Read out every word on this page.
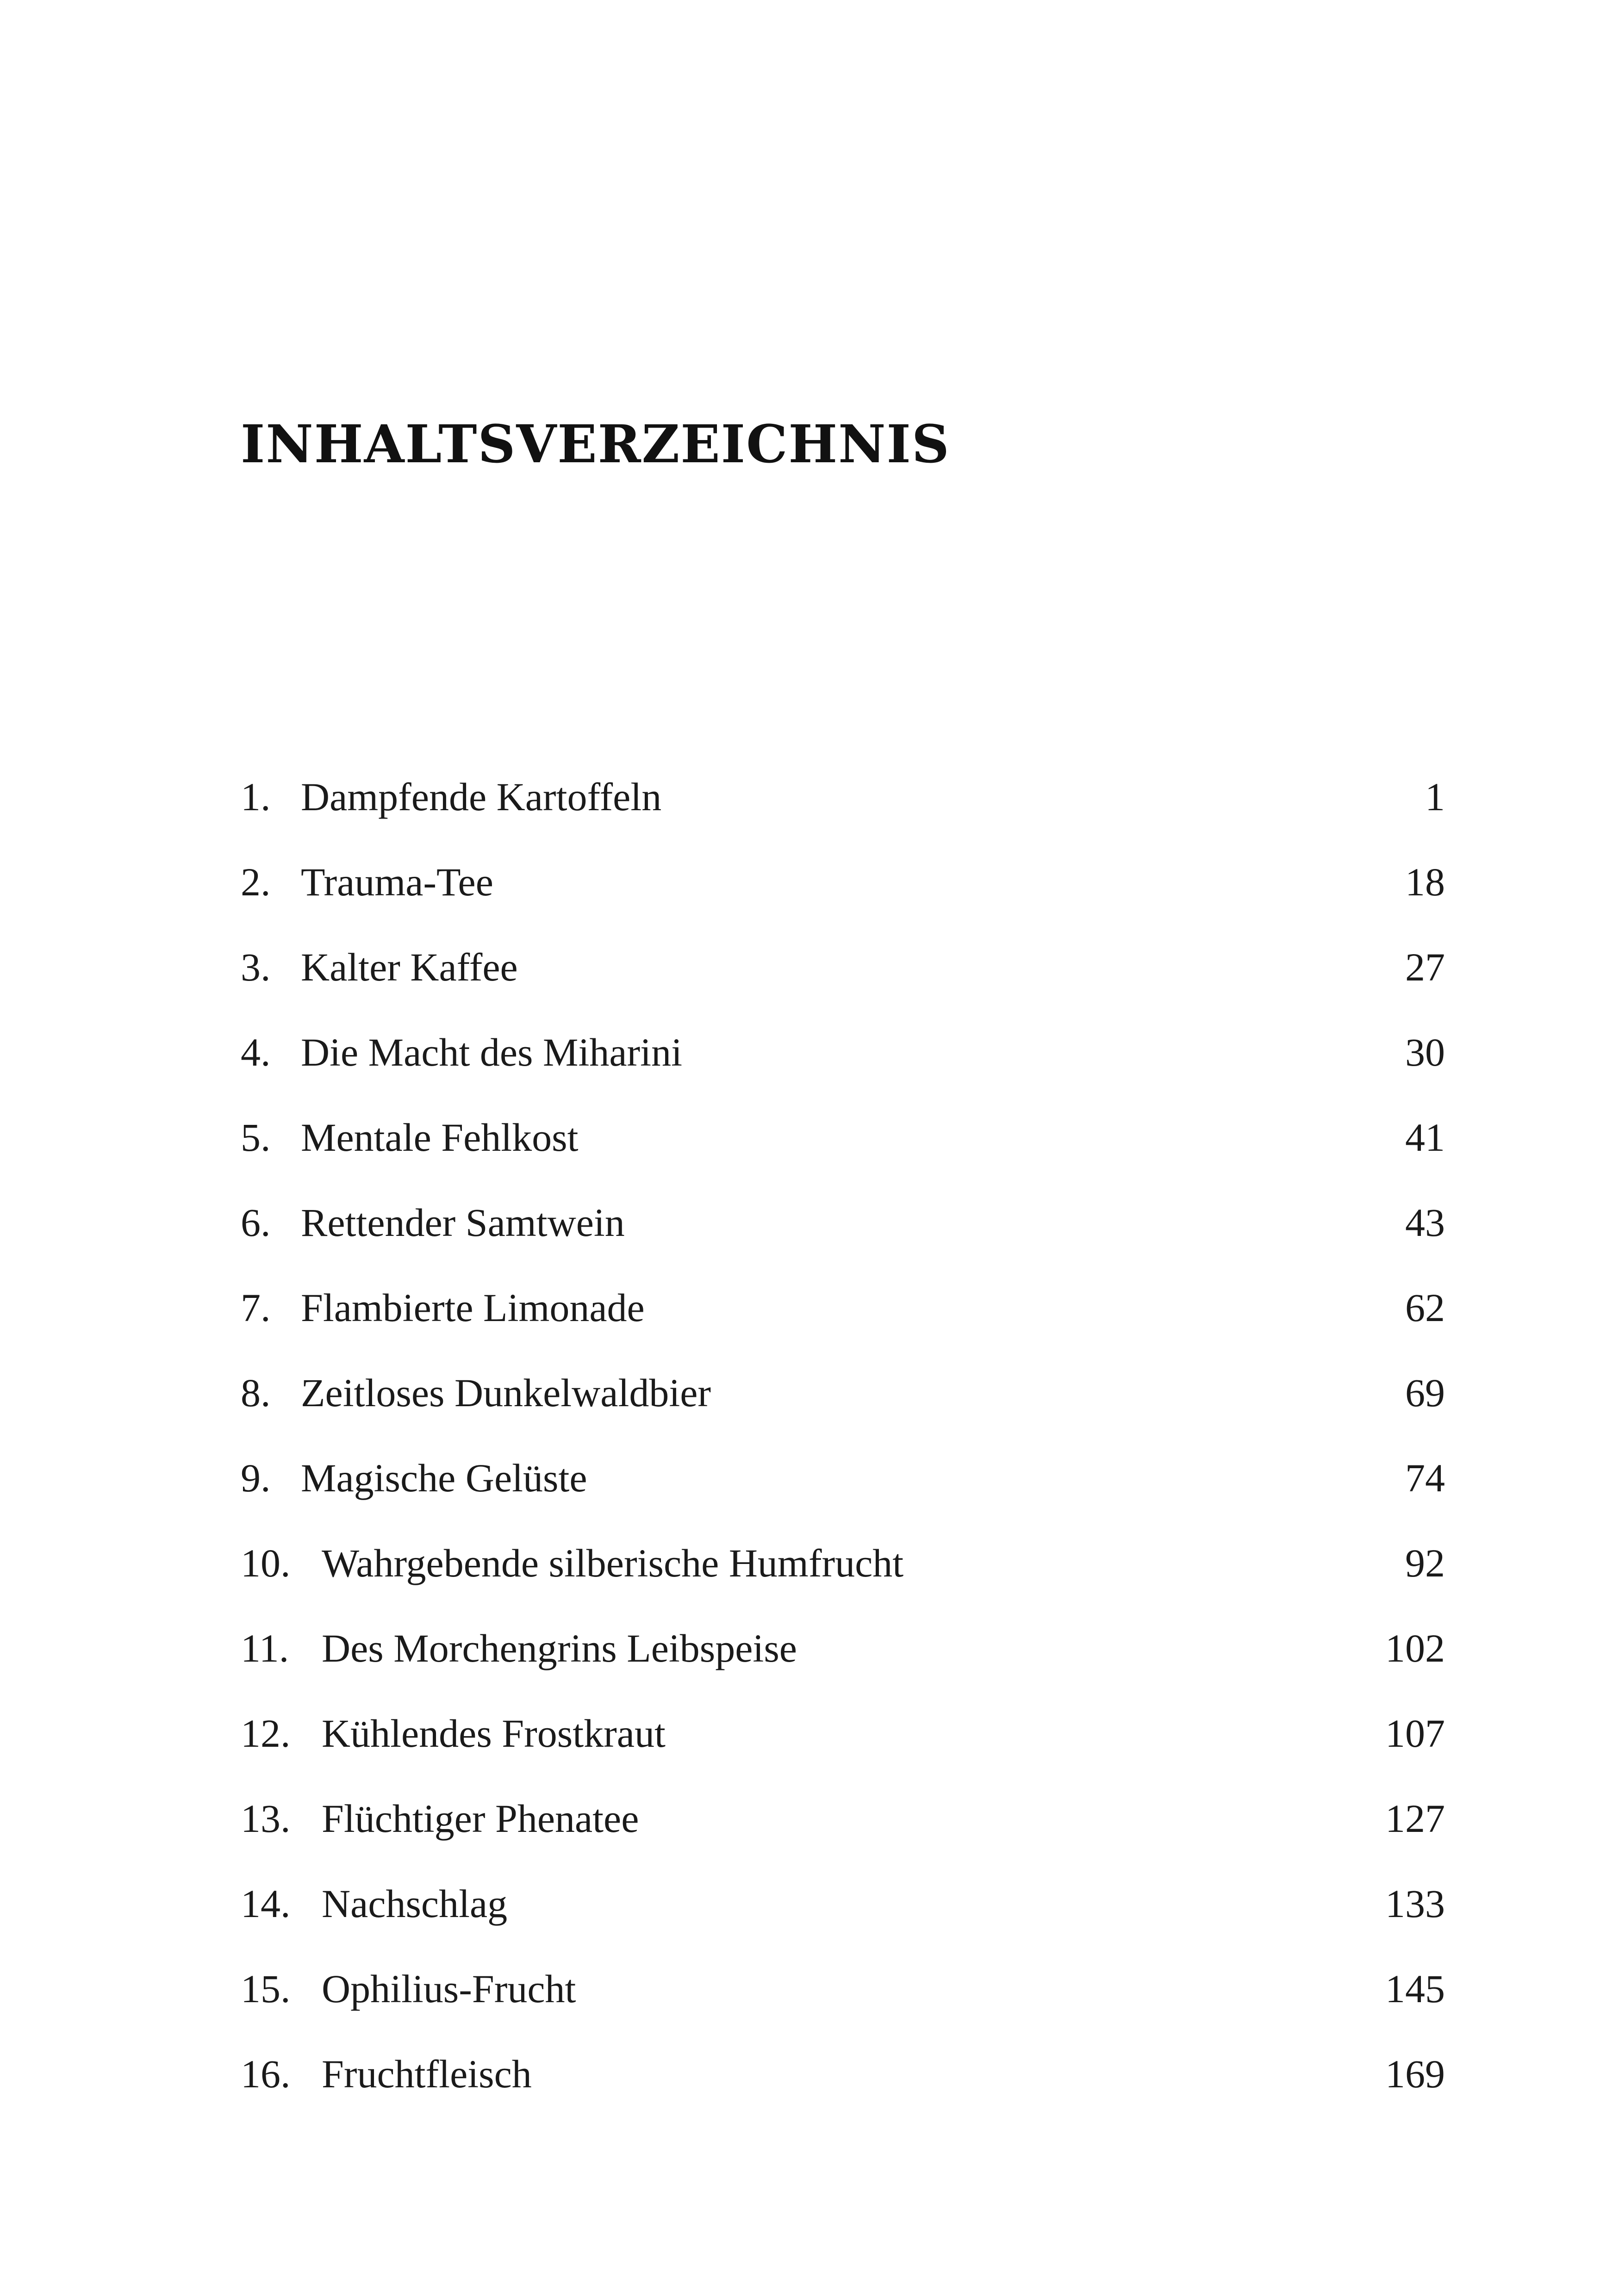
INHALTSVERZEICHNIS
1. Dampfende Kartoffeln	1
2. Trauma-Tee	18
3. Kalter Kaffee	27
4. Die Macht des Miharini	30
5. Mentale Fehlkost	41
6. Rettender Samtwein	43
7. Flambierte Limonade	62
8. Zeitloses Dunkelwaldbier	69
9. Magische Gelüste	74
10. Wahrgebende silberische Humfrucht	92
11. Des Morchengrins Leibspeise	102
12. Kühlendes Frostkraut	107
13. Flüchtiger Phenatee	127
14. Nachschlag	133
15. Ophilius-Frucht	145
16. Fruchtfleisch	169
